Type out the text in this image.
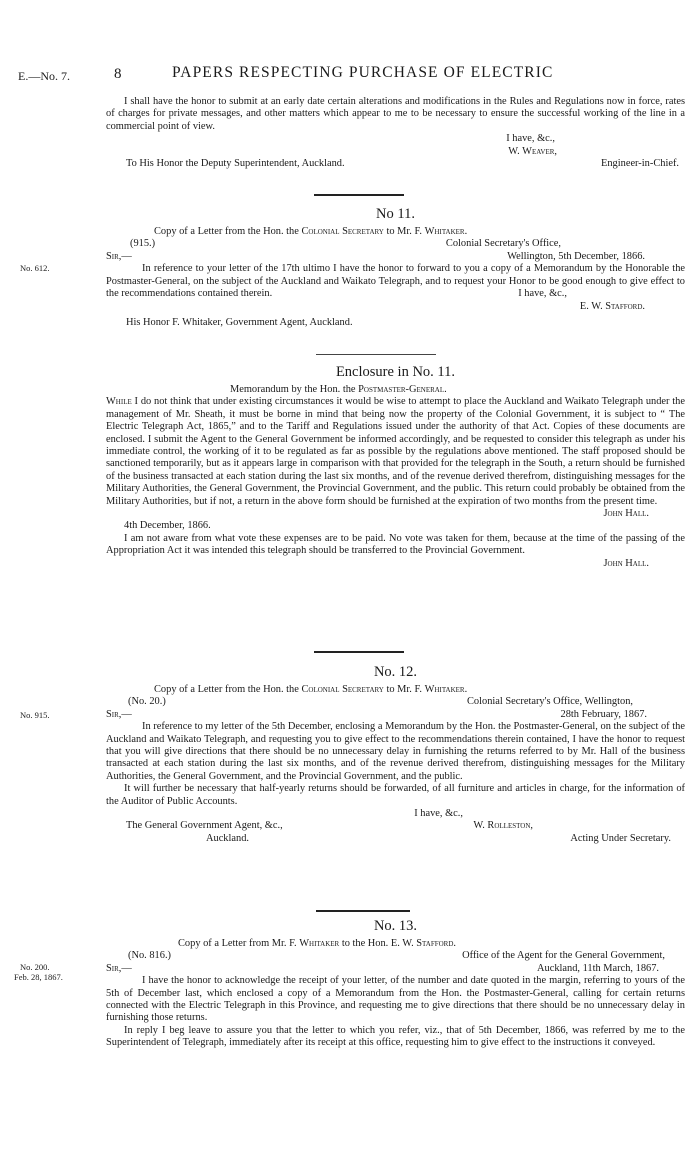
E.—No. 7.	8	PAPERS RESPECTING PURCHASE OF ELECTRIC

I shall have the honor to submit at an early date certain alterations and modifications in the Rules and Regulations now in force, rates of charges for private messages, and other matters which appear to me to be necessary to ensure the successful working of the line in a commercial point of view.

I have, &c.,
W. Weaver,
To His Honor the Deputy Superintendent, Auckland.	Engineer-in-Chief.
No 11.
Copy of a Letter from the Hon. the Colonial Secretary to Mr. F. Whitaker.
(915.)	Colonial Secretary's Office,
Sir,—	Wellington, 5th December, 1866.

In reference to your letter of the 17th ultimo I have the honor to forward to you a copy of a Memorandum by the Honorable the Postmaster-General, on the subject of the Auckland and Waikato Telegraph, and to request your Honor to be good enough to give effect to the recommendations contained therein.	I have, &c.,
E. W. Stafford.
His Honor F. Whitaker, Government Agent, Auckland.
No. 612.
Enclosure in No. 11.
Memorandum by the Hon. the Postmaster-General.

While I do not think that under existing circumstances it would be wise to attempt to place the Auckland and Waikato Telegraph under the management of Mr. Sheath, it must be borne in mind that being now the property of the Colonial Government, it is subject to “ The Electric Telegraph Act, 1865,” and to the Tariff and Regulations issued under the authority of that Act. Copies of these documents are enclosed. I submit the Agent to the General Government be informed accordingly, and be requested to consider this telegraph as under his immediate control, the working of it to be regulated as far as possible by the regulations above mentioned. The staff proposed should be sanctioned temporarily, but as it appears large in comparison with that provided for the telegraph in the South, a return should be furnished of the business transacted at each station during the last six months, and of the revenue derived therefrom, distinguishing messages for the Military Authorities, the General Government, the Provincial Government, and the public. This return could probably be obtained from the Military Authorities, but if not, a return in the above form should be furnished at the expiration of two months from the present time.

John Hall.
4th December, 1866.

I am not aware from what vote these expenses are to be paid. No vote was taken for them, because at the time of the passing of the Appropriation Act it was intended this telegraph should be transferred to the Provincial Government.

John Hall.
No. 12.
Copy of a Letter from the Hon. the Colonial Secretary to Mr. F. Whitaker.
(No. 20.)	Colonial Secretary's Office, Wellington,
Sir,—	28th February, 1867.

In reference to my letter of the 5th December, enclosing a Memorandum by the Hon. the Postmaster-General, on the subject of the Auckland and Waikato Telegraph, and requesting you to give effect to the recommendations therein contained, I have the honor to request that you will give directions that there should be no unnecessary delay in furnishing the returns referred to by Mr. Hall of the business transacted at each station during the last six months, and of the revenue derived therefrom, distinguishing messages for the Military Authorities, the General Government, and the Provincial Government, and the public.

It will further be necessary that half-yearly returns should be forwarded, of all furniture and articles in charge, for the information of the Auditor of Public Accounts.

I have, &c.,
The General Government Agent, &c.,	W. Rolleston,
Auckland.	Acting Under Secretary.
No. 915.
No. 13.
Copy of a Letter from Mr. F. Whitaker to the Hon. E. W. Stafford.
(No. 816.)	Office of the Agent for the General Government,
Sir,—	Auckland, 11th March, 1867.

I have the honor to acknowledge the receipt of your letter, of the number and date quoted in the margin, referring to yours of the 5th of December last, which enclosed a copy of a Memorandum from the Hon. the Postmaster-General, calling for certain returns connected with the Electric Telegraph in this Province, and requesting me to give directions that there should be no unnecessary delay in furnishing those returns.

In reply I beg leave to assure you that the letter to which you refer, viz., that of 5th December, 1866, was referred by me to the Superintendent of Telegraph, immediately after its receipt at this office, requesting him to give effect to the instructions it conveyed.

No. 200.
Feb. 28, 1867.
